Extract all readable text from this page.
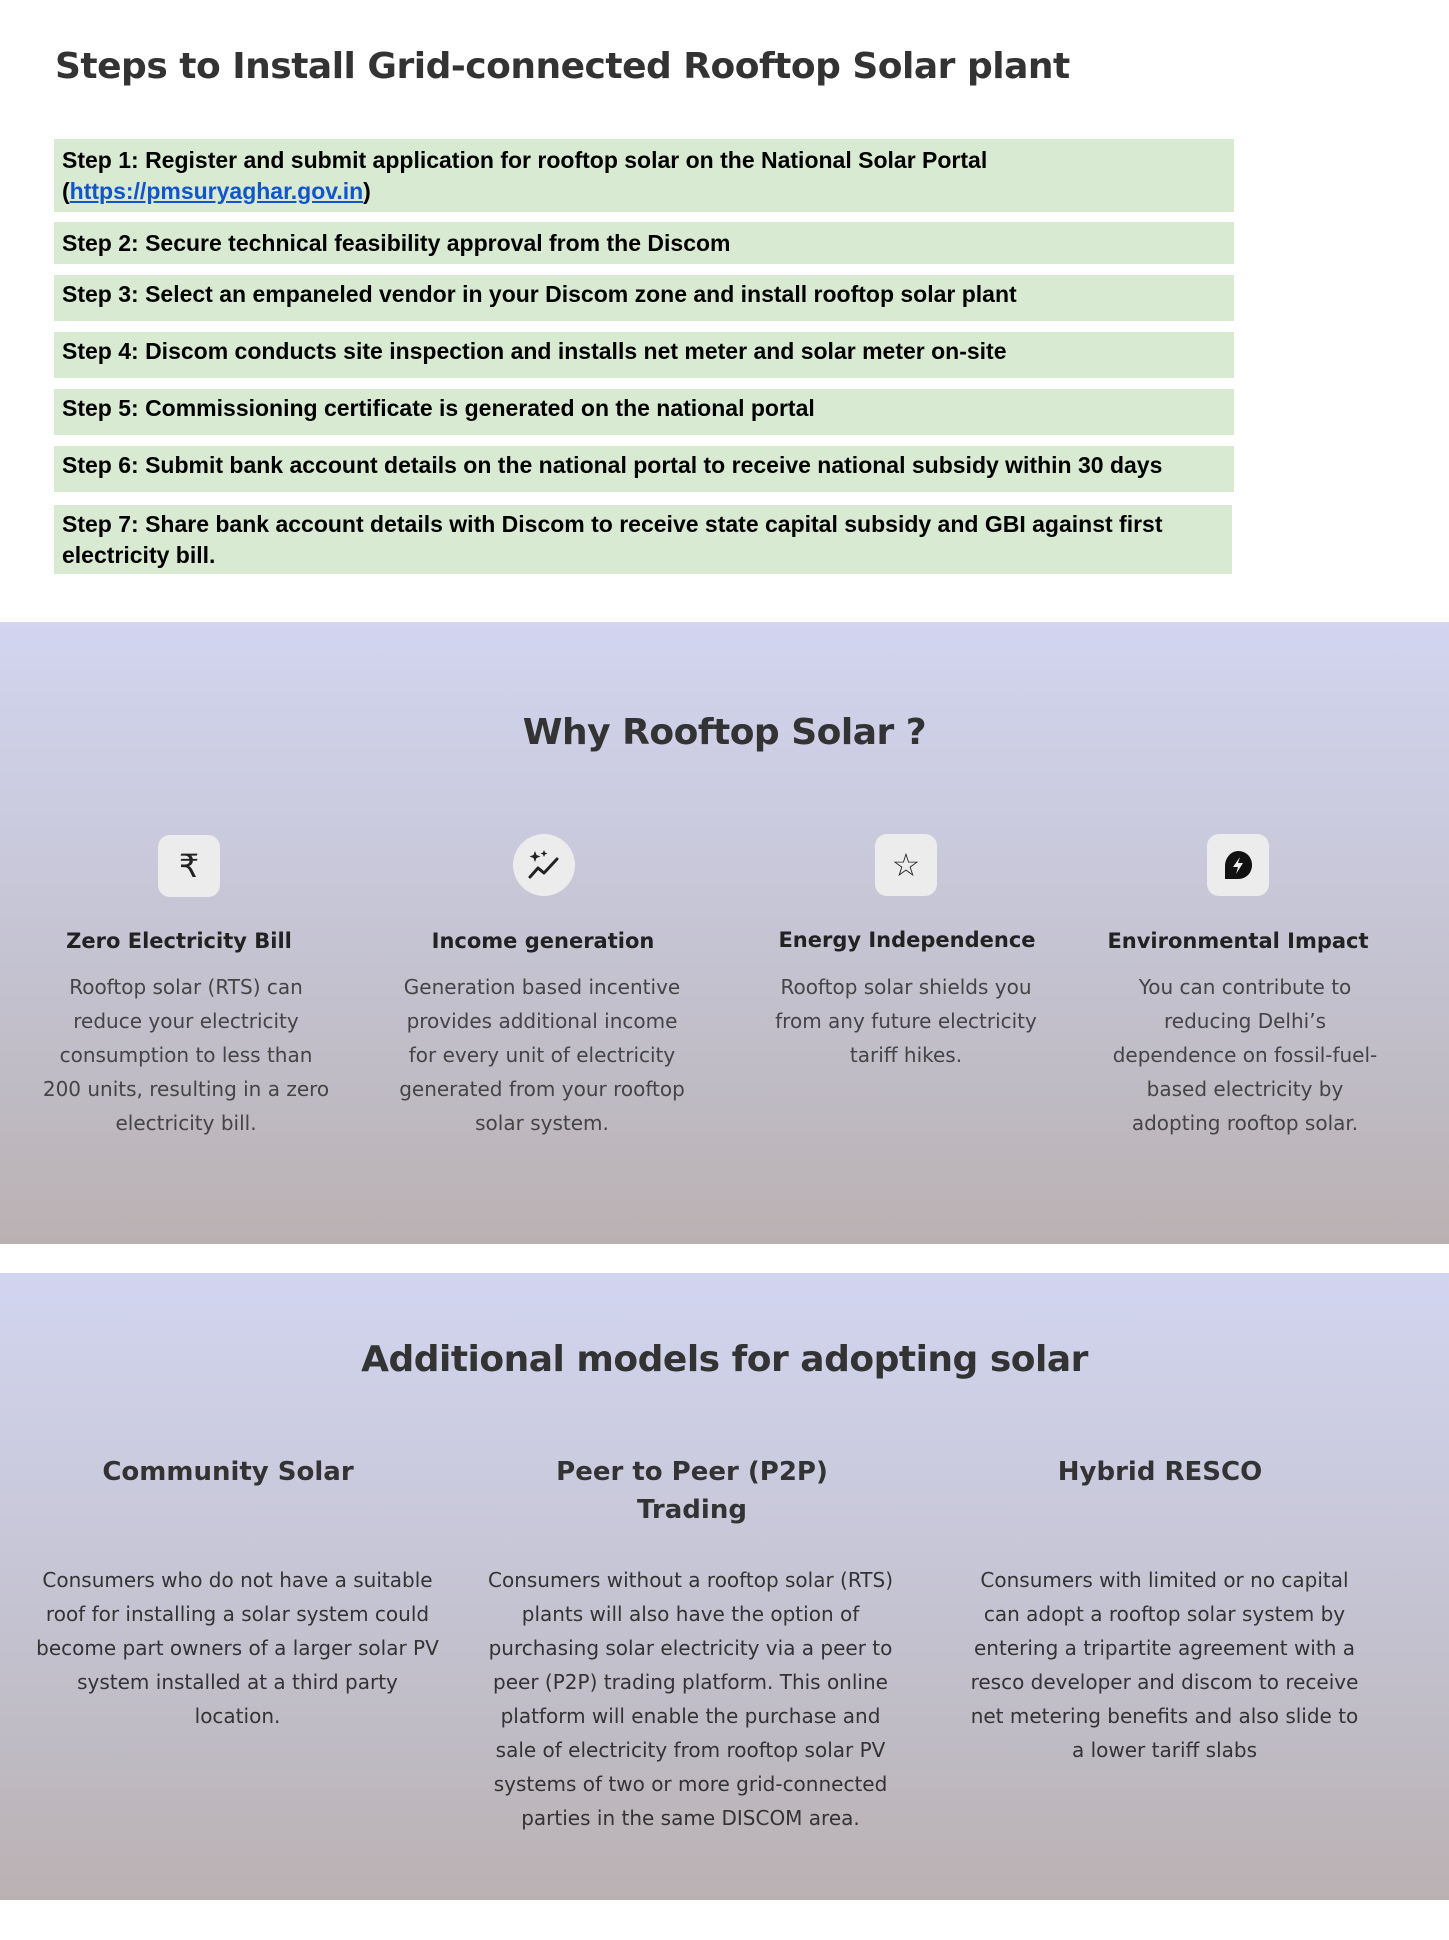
Steps to Install Grid-connected Rooftop Solar plant
Step 1: Register and submit application for rooftop solar on the National Solar Portal (https://pmsuryaghar.gov.in)
Step 2: Secure technical feasibility approval from the Discom
Step 3: Select an empaneled vendor in your Discom zone and install rooftop solar plant
Step 4: Discom conducts site inspection and installs net meter and solar meter on-site
Step 5: Commissioning certificate is generated on the national portal
Step 6: Submit bank account details on the national portal to receive national subsidy within 30 days
Step 7: Share bank account details with Discom to receive state capital subsidy and GBI against first electricity bill.
Why Rooftop Solar ?
₹
Zero Electricity Bill

Rooftop solar (RTS) can reduce your electricity consumption to less than 200 units, resulting in a zero electricity bill.

Income generation

Generation based incentive provides additional income for every unit of electricity generated from your rooftop solar system.

☆
Energy Independence

Rooftop solar shields you from any future electricity tariff hikes.

Environmental Impact

You can contribute to reducing Delhi’s dependence on fossil-fuel-based electricity by adopting rooftop solar.

Additional models for adopting solar
Community Solar

Consumers who do not have a suitable roof for installing a solar system could become part owners of a larger solar PV system installed at a third party location.

Peer to Peer (P2P) Trading

Consumers without a rooftop solar (RTS) plants will also have the option of purchasing solar electricity via a peer to peer (P2P) trading platform. This online platform will enable the purchase and sale of electricity from rooftop solar PV systems of two or more grid-connected parties in the same DISCOM area.

Hybrid RESCO

Consumers with limited or no capital can adopt a rooftop solar system by entering a tripartite agreement with a resco developer and discom to receive net metering benefits and also slide to a lower tariff slabs
